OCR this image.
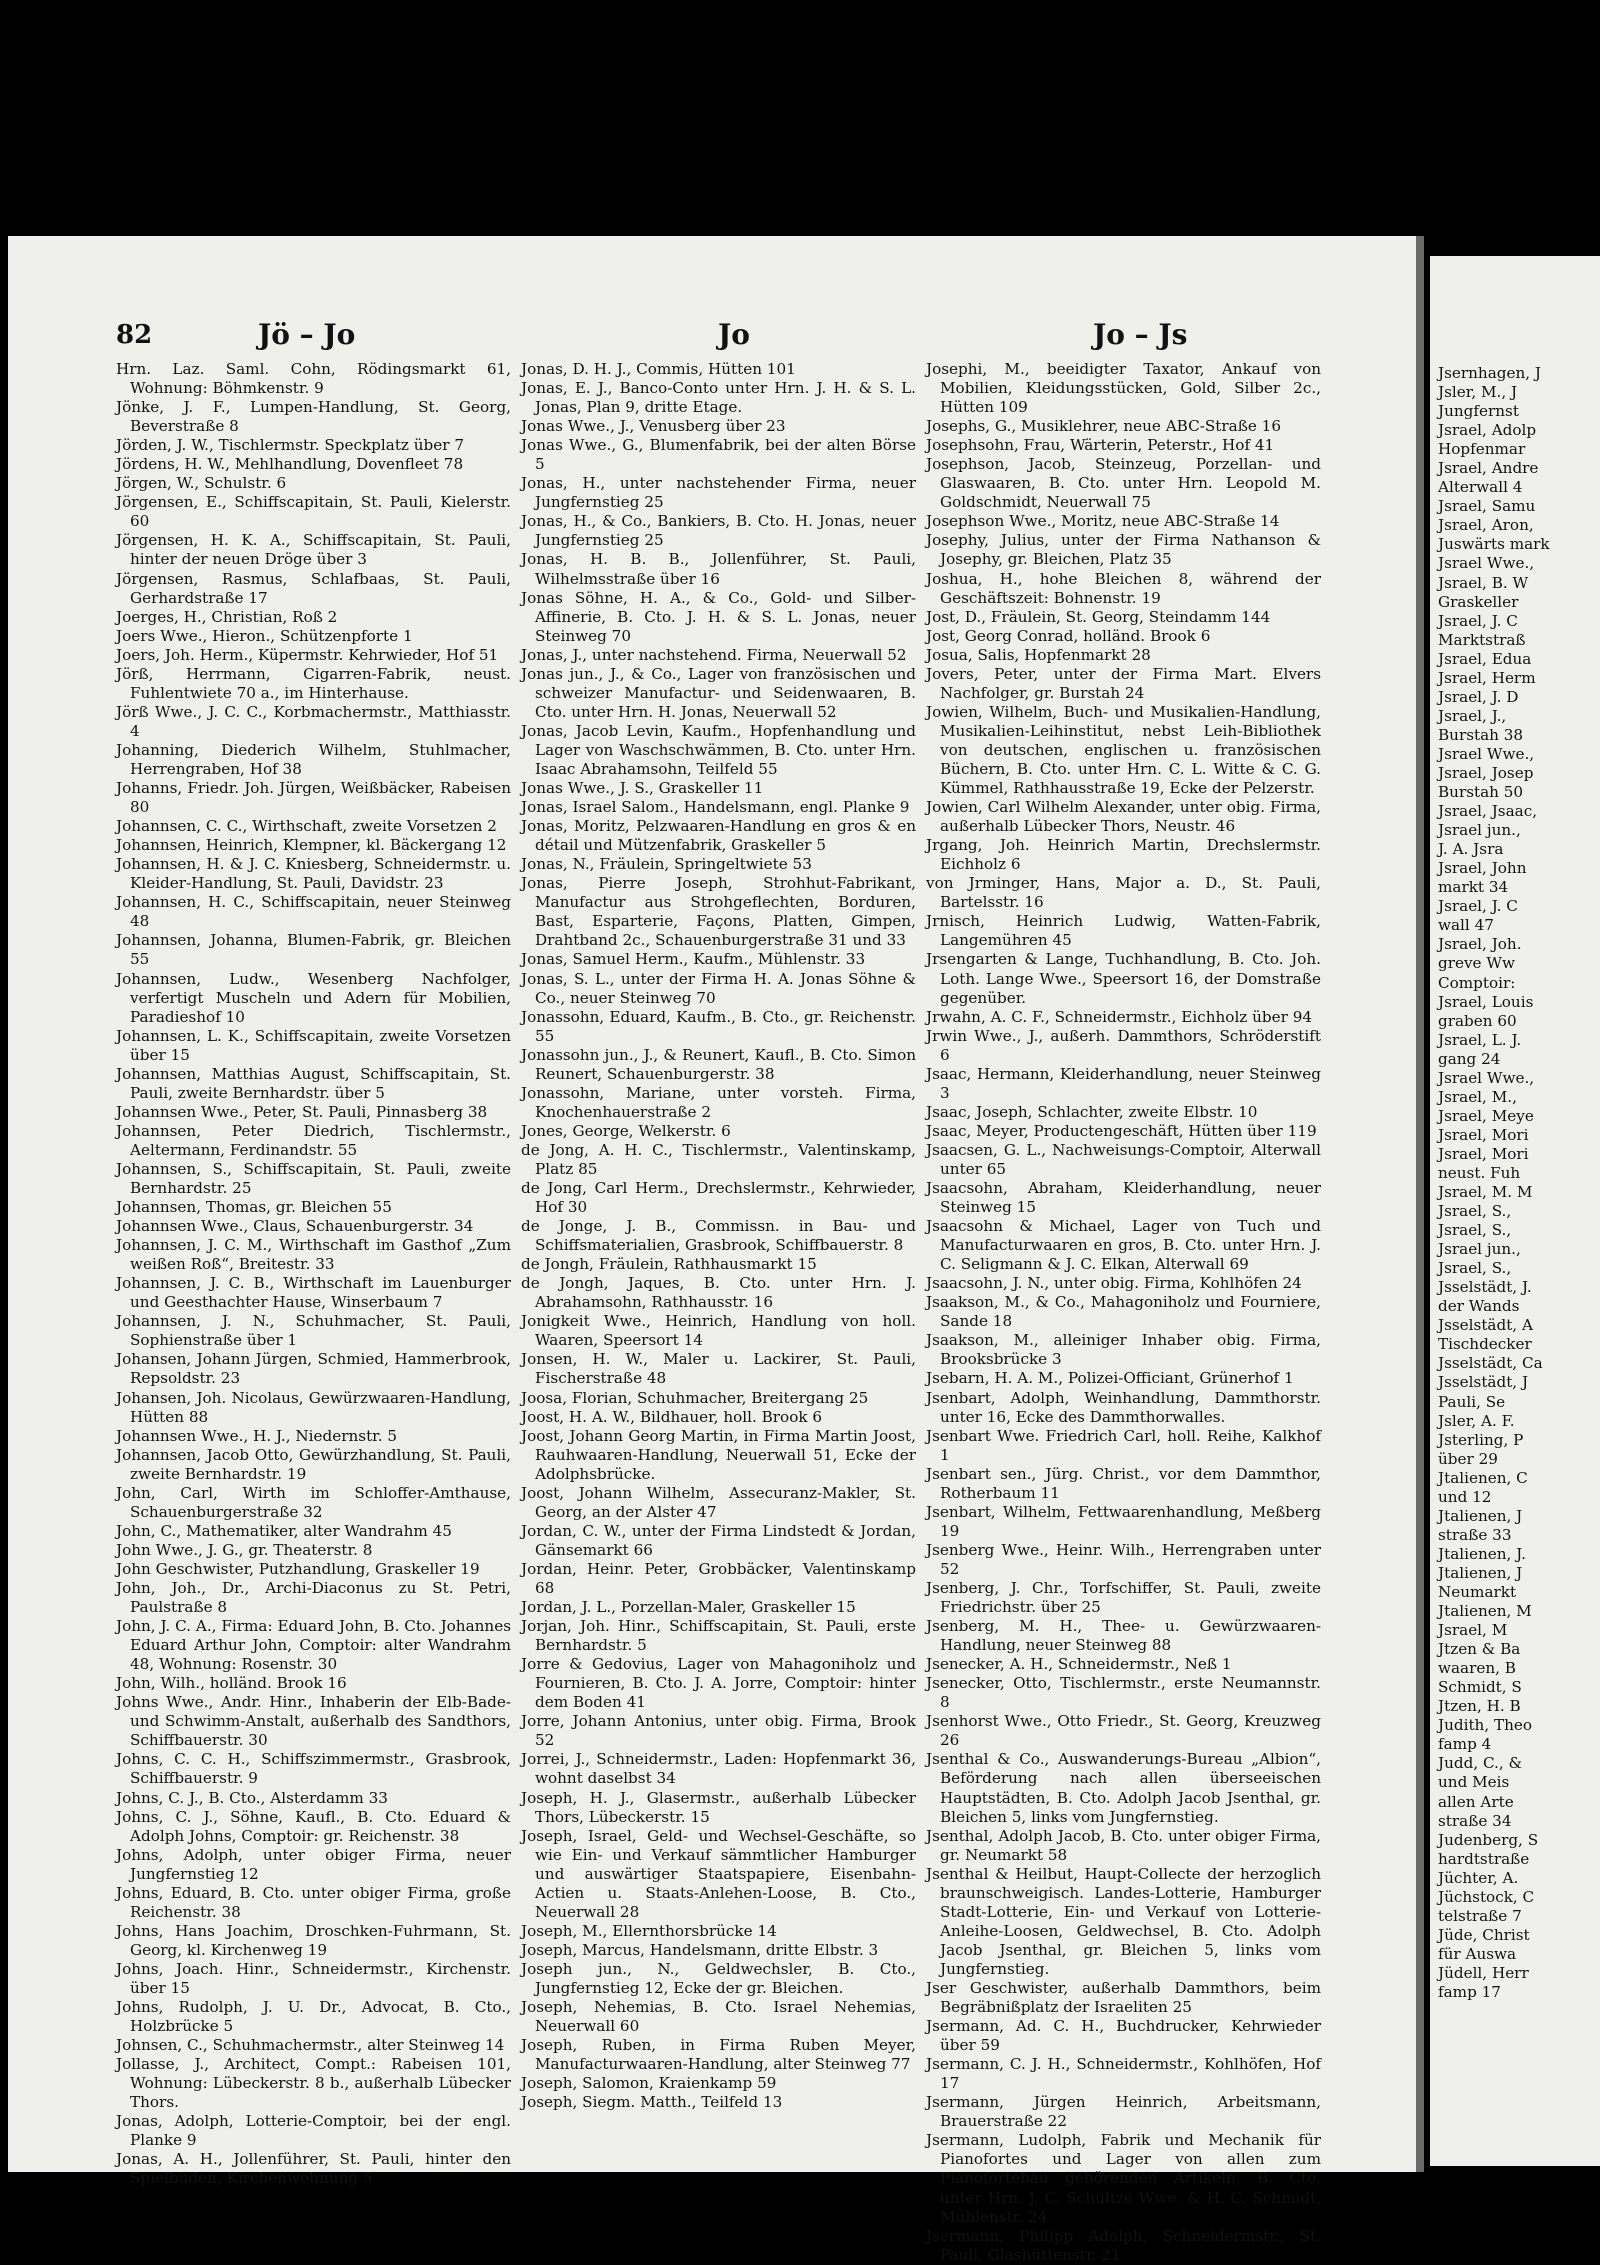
82	Jö – Jo	Jo	Jo – Js

Hrn. Laz. Saml. Cohn, Rödingsmarkt 61, Wohnung: Böhmkenstr. 9

Jönke, J. F., Lumpen-Handlung, St. Georg, Beverstraße 8

Jörden, J. W., Tischlermstr. Speckplatz über 7

Jördens, H. W., Mehlhandlung, Dovenfleet 78

Jörgen, W., Schulstr. 6

Jörgensen, E., Schiffscapitain, St. Pauli, Kielerstr. 60

Jörgensen, H. K. A., Schiffscapitain, St. Pauli, hinter der neuen Dröge über 3

Jörgensen, Rasmus, Schlafbaas, St. Pauli, Gerhardstraße 17

Joerges, H., Christian, Roß 2

Joers Wwe., Hieron., Schützenpforte 1

Joers, Joh. Herm., Küpermstr. Kehrwieder, Hof 51

Jörß, Herrmann, Cigarren-Fabrik, neust. Fuhlentwiete 70 a., im Hinterhause.

Jörß Wwe., J. C. C., Korbmachermstr., Matthiasstr. 4

Johanning, Diederich Wilhelm, Stuhlmacher, Herrengraben, Hof 38

Johanns, Friedr. Joh. Jürgen, Weißbäcker, Rabeisen 80

Johannsen, C. C., Wirthschaft, zweite Vorsetzen 2

Johannsen, Heinrich, Klempner, kl. Bäckergang 12

Johannsen, H. & J. C. Kniesberg, Schneidermstr. u. Kleider-Handlung, St. Pauli, Davidstr. 23

Johannsen, H. C., Schiffscapitain, neuer Steinweg 48

Johannsen, Johanna, Blumen-Fabrik, gr. Bleichen 55

Johannsen, Ludw., Wesenberg Nachfolger, verfertigt Muscheln und Adern für Mobilien, Paradieshof 10

Johannsen, L. K., Schiffscapitain, zweite Vorsetzen über 15

Johannsen, Matthias August, Schiffscapitain, St. Pauli, zweite Bernhardstr. über 5

Johannsen Wwe., Peter, St. Pauli, Pinnasberg 38

Johannsen, Peter Diedrich, Tischlermstr., Aeltermann, Ferdinandstr. 55

Johannsen, S., Schiffscapitain, St. Pauli, zweite Bernhardstr. 25

Johannsen, Thomas, gr. Bleichen 55

Johannsen Wwe., Claus, Schauenburgerstr. 34

Johannsen, J. C. M., Wirthschaft im Gasthof „Zum weißen Roß“, Breitestr. 33

Johannsen, J. C. B., Wirthschaft im Lauenburger und Geesthachter Hause, Winserbaum 7

Johannsen, J. N., Schuhmacher, St. Pauli, Sophienstraße über 1

Johansen, Johann Jürgen, Schmied, Hammerbrook, Repsoldstr. 23

Johansen, Joh. Nicolaus, Gewürzwaaren-Handlung, Hütten 88

Johannsen Wwe., H. J., Niedernstr. 5

Johannsen, Jacob Otto, Gewürzhandlung, St. Pauli, zweite Bernhardstr. 19

John, Carl, Wirth im Schloffer-Amthause, Schauenburgerstraße 32

John, C., Mathematiker, alter Wandrahm 45

John Wwe., J. G., gr. Theaterstr. 8

John Geschwister, Putzhandlung, Graskeller 19

John, Joh., Dr., Archi-Diaconus zu St. Petri, Paulstraße 8

John, J. C. A., Firma: Eduard John, B. Cto. Johannes Eduard Arthur John, Comptoir: alter Wandrahm 48, Wohnung: Rosenstr. 30

John, Wilh., holländ. Brook 16

Johns Wwe., Andr. Hinr., Inhaberin der Elb-Bade- und Schwimm-Anstalt, außerhalb des Sandthors, Schiffbauerstr. 30

Johns, C. C. H., Schiffszimmermstr., Grasbrook, Schiffbauerstr. 9

Johns, C. J., B. Cto., Alsterdamm 33

Johns, C. J., Söhne, Kaufl., B. Cto. Eduard & Adolph Johns, Comptoir: gr. Reichenstr. 38

Johns, Adolph, unter obiger Firma, neuer Jungfernstieg 12

Johns, Eduard, B. Cto. unter obiger Firma, große Reichenstr. 38

Johns, Hans Joachim, Droschken-Fuhrmann, St. Georg, kl. Kirchenweg 19

Johns, Joach. Hinr., Schneidermstr., Kirchenstr. über 15

Johns, Rudolph, J. U. Dr., Advocat, B. Cto., Holzbrücke 5

Johnsen, C., Schuhmachermstr., alter Steinweg 14

Jollasse, J., Architect, Compt.: Rabeisen 101, Wohnung: Lübeckerstr. 8 b., außerhalb Lübecker Thors.

Jonas, Adolph, Lotterie-Comptoir, bei der engl. Planke 9

Jonas, A. H., Jollenführer, St. Pauli, hinter den Spielbuden, Kirchenwohnung 5

Jonas, D. H. J., Commis, Hütten 101

Jonas, E. J., Banco-Conto unter Hrn. J. H. & S. L. Jonas, Plan 9, dritte Etage.

Jonas Wwe., J., Venusberg über 23

Jonas Wwe., G., Blumenfabrik, bei der alten Börse 5

Jonas, H., unter nachstehender Firma, neuer Jungfernstieg 25

Jonas, H., & Co., Bankiers, B. Cto. H. Jonas, neuer Jungfernstieg 25

Jonas, H. B. B., Jollenführer, St. Pauli, Wilhelmsstraße über 16

Jonas Söhne, H. A., & Co., Gold- und Silber-Affinerie, B. Cto. J. H. & S. L. Jonas, neuer Steinweg 70

Jonas, J., unter nachstehend. Firma, Neuerwall 52

Jonas jun., J., & Co., Lager von französischen und schweizer Manufactur- und Seidenwaaren, B. Cto. unter Hrn. H. Jonas, Neuerwall 52

Jonas, Jacob Levin, Kaufm., Hopfenhandlung und Lager von Waschschwämmen, B. Cto. unter Hrn. Isaac Abrahamsohn, Teilfeld 55

Jonas Wwe., J. S., Graskeller 11

Jonas, Israel Salom., Handelsmann, engl. Planke 9

Jonas, Moritz, Pelzwaaren-Handlung en gros & en détail und Mützenfabrik, Graskeller 5

Jonas, N., Fräulein, Springeltwiete 53

Jonas, Pierre Joseph, Strohhut-Fabrikant, Manufactur aus Strohgeflechten, Borduren, Bast, Esparterie, Façons, Platten, Gimpen, Drahtband 2c., Schauenburgerstraße 31 und 33

Jonas, Samuel Herm., Kaufm., Mühlenstr. 33

Jonas, S. L., unter der Firma H. A. Jonas Söhne & Co., neuer Steinweg 70

Jonassohn, Eduard, Kaufm., B. Cto., gr. Reichenstr. 55

Jonassohn jun., J., & Reunert, Kaufl., B. Cto. Simon Reunert, Schauenburgerstr. 38

Jonassohn, Mariane, unter vorsteh. Firma, Knochenhauerstraße 2

Jones, George, Welkerstr. 6

de Jong, A. H. C., Tischlermstr., Valentinskamp, Platz 85

de Jong, Carl Herm., Drechslermstr., Kehrwieder, Hof 30

de Jonge, J. B., Commissn. in Bau- und Schiffsmaterialien, Grasbrook, Schiffbauerstr. 8

de Jongh, Fräulein, Rathhausmarkt 15

de Jongh, Jaques, B. Cto. unter Hrn. J. Abrahamsohn, Rathhausstr. 16

Jonigkeit Wwe., Heinrich, Handlung von holl. Waaren, Speersort 14

Jonsen, H. W., Maler u. Lackirer, St. Pauli, Fischerstraße 48

Joosa, Florian, Schuhmacher, Breitergang 25

Joost, H. A. W., Bildhauer, holl. Brook 6

Joost, Johann Georg Martin, in Firma Martin Joost, Rauhwaaren-Handlung, Neuerwall 51, Ecke der Adolphsbrücke.

Joost, Johann Wilhelm, Assecuranz-Makler, St. Georg, an der Alster 47

Jordan, C. W., unter der Firma Lindstedt & Jordan, Gänsemarkt 66

Jordan, Heinr. Peter, Grobbäcker, Valentinskamp 68

Jordan, J. L., Porzellan-Maler, Graskeller 15

Jorjan, Joh. Hinr., Schiffscapitain, St. Pauli, erste Bernhardstr. 5

Jorre & Gedovius, Lager von Mahagoniholz und Fournieren, B. Cto. J. A. Jorre, Comptoir: hinter dem Boden 41

Jorre, Johann Antonius, unter obig. Firma, Brook 52

Jorrei, J., Schneidermstr., Laden: Hopfenmarkt 36, wohnt daselbst 34

Joseph, H. J., Glasermstr., außerhalb Lübecker Thors, Lübeckerstr. 15

Joseph, Israel, Geld- und Wechsel-Geschäfte, so wie Ein- und Verkauf sämmtlicher Hamburger und auswärtiger Staatspapiere, Eisenbahn-Actien u. Staats-Anlehen-Loose, B. Cto., Neuerwall 28

Joseph, M., Ellernthorsbrücke 14

Joseph, Marcus, Handelsmann, dritte Elbstr. 3

Joseph jun., N., Geldwechsler, B. Cto., Jungfernstieg 12, Ecke der gr. Bleichen.

Joseph, Nehemias, B. Cto. Israel Nehemias, Neuerwall 60

Joseph, Ruben, in Firma Ruben Meyer, Manufacturwaaren-Handlung, alter Steinweg 77

Joseph, Salomon, Kraienkamp 59

Joseph, Siegm. Matth., Teilfeld 13

Josephi, M., beeidigter Taxator, Ankauf von Mobilien, Kleidungsstücken, Gold, Silber 2c., Hütten 109

Josephs, G., Musiklehrer, neue ABC-Straße 16

Josephsohn, Frau, Wärterin, Peterstr., Hof 41

Josephson, Jacob, Steinzeug, Porzellan- und Glaswaaren, B. Cto. unter Hrn. Leopold M. Goldschmidt, Neuerwall 75

Josephson Wwe., Moritz, neue ABC-Straße 14

Josephy, Julius, unter der Firma Nathanson & Josephy, gr. Bleichen, Platz 35

Joshua, H., hohe Bleichen 8, während der Geschäftszeit: Bohnenstr. 19

Jost, D., Fräulein, St. Georg, Steindamm 144

Jost, Georg Conrad, holländ. Brook 6

Josua, Salis, Hopfenmarkt 28

Jovers, Peter, unter der Firma Mart. Elvers Nachfolger, gr. Burstah 24

Jowien, Wilhelm, Buch- und Musikalien-Handlung, Musikalien-Leihinstitut, nebst Leih-Bibliothek von deutschen, englischen u. französischen Büchern, B. Cto. unter Hrn. C. L. Witte & C. G. Kümmel, Rathhausstraße 19, Ecke der Pelzerstr.

Jowien, Carl Wilhelm Alexander, unter obig. Firma, außerhalb Lübecker Thors, Neustr. 46

Jrgang, Joh. Heinrich Martin, Drechslermstr. Eichholz 6

von Jrminger, Hans, Major a. D., St. Pauli, Bartelsstr. 16

Jrnisch, Heinrich Ludwig, Watten-Fabrik, Langemühren 45

Jrsengarten & Lange, Tuchhandlung, B. Cto. Joh. Loth. Lange Wwe., Speersort 16, der Domstraße gegenüber.

Jrwahn, A. C. F., Schneidermstr., Eichholz über 94

Jrwin Wwe., J., außerh. Dammthors, Schröderstift 6

Jsaac, Hermann, Kleiderhandlung, neuer Steinweg 3

Jsaac, Joseph, Schlachter, zweite Elbstr. 10

Jsaac, Meyer, Productengeschäft, Hütten über 119

Jsaacsen, G. L., Nachweisungs-Comptoir, Alterwall unter 65

Jsaacsohn, Abraham, Kleiderhandlung, neuer Steinweg 15

Jsaacsohn & Michael, Lager von Tuch und Manufacturwaaren en gros, B. Cto. unter Hrn. J. C. Seligmann & J. C. Elkan, Alterwall 69

Jsaacsohn, J. N., unter obig. Firma, Kohlhöfen 24

Jsaakson, M., & Co., Mahagoniholz und Fourniere, Sande 18

Jsaakson, M., alleiniger Inhaber obig. Firma, Brooksbrücke 3

Jsebarn, H. A. M., Polizei-Officiant, Grünerhof 1

Jsenbart, Adolph, Weinhandlung, Dammthorstr. unter 16, Ecke des Dammthorwalles.

Jsenbart Wwe. Friedrich Carl, holl. Reihe, Kalkhof 1

Jsenbart sen., Jürg. Christ., vor dem Dammthor, Rotherbaum 11

Jsenbart, Wilhelm, Fettwaarenhandlung, Meßberg 19

Jsenberg Wwe., Heinr. Wilh., Herrengraben unter 52

Jsenberg, J. Chr., Torfschiffer, St. Pauli, zweite Friedrichstr. über 25

Jsenberg, M. H., Thee- u. Gewürzwaaren-Handlung, neuer Steinweg 88

Jsenecker, A. H., Schneidermstr., Neß 1

Jsenecker, Otto, Tischlermstr., erste Neumannstr. 8

Jsenhorst Wwe., Otto Friedr., St. Georg, Kreuzweg 26

Jsenthal & Co., Auswanderungs-Bureau „Albion“, Beförderung nach allen überseeischen Hauptstädten, B. Cto. Adolph Jacob Jsenthal, gr. Bleichen 5, links vom Jungfernstieg.

Jsenthal, Adolph Jacob, B. Cto. unter obiger Firma, gr. Neumarkt 58

Jsenthal & Heilbut, Haupt-Collecte der herzoglich braunschweigisch. Landes-Lotterie, Hamburger Stadt-Lotterie, Ein- und Verkauf von Lotterie-Anleihe-Loosen, Geldwechsel, B. Cto. Adolph Jacob Jsenthal, gr. Bleichen 5, links vom Jungfernstieg.

Jser Geschwister, außerhalb Dammthors, beim Begräbnißplatz der Israeliten 25

Jsermann, Ad. C. H., Buchdrucker, Kehrwieder über 59

Jsermann, C. J. H., Schneidermstr., Kohlhöfen, Hof 17

Jsermann, Jürgen Heinrich, Arbeitsmann, Brauerstraße 22

Jsermann, Ludolph, Fabrik und Mechanik für Pianofortes und Lager von allen zum Pianofortebau gehörenden Artikeln, B. Cto. unter Hrn. J. C. Schultze Wwe. & H. C. Schmidt, Mühlenstr. 24

Jsermann, Philipp Adolph, Schneidermstr., St. Pauli, Glashüttenstr. 21

Jsernhagen, J
Jsler, M., J
Jungfernst
Jsrael, Adolp
Hopfenmar
Jsrael, Andre
Alterwall 4
Jsrael, Samu
Jsrael, Aron,
Juswärts mark
Jsrael Wwe.,
Jsrael, B. W
Graskeller
Jsrael, J. C
Marktstraß
Jsrael, Edua
Jsrael, Herm
Jsrael, J. D
Jsrael, J.,
Burstah 38
Jsrael Wwe.,
Jsrael, Josep
Burstah 50
Jsrael, Jsaac,
Jsrael jun.,
J. A. Jsra
Jsrael, John
markt 34
Jsrael, J. C
wall 47
Jsrael, Joh.
greve Ww
Comptoir:
Jsrael, Louis
graben 60
Jsrael, L. J.
gang 24
Jsrael Wwe.,
Jsrael, M.,
Jsrael, Meye
Jsrael, Mori
Jsrael, Mori
neust. Fuh
Jsrael, M. M
Jsrael, S.,
Jsrael, S.,
Jsrael jun.,
Jsrael, S.,
Jsselstädt, J.
der Wands
Jsselstädt, A
Tischdecker
Jsselstädt, Ca
Jsselstädt, J
Pauli, Se
Jsler, A. F.
Jsterling, P
über 29
Jtalienen, C
und 12
Jtalienen, J
straße 33
Jtalienen, J.
Jtalienen, J
Neumarkt
Jtalienen, M
Jsrael, M
Jtzen & Ba
waaren, B
Schmidt, S
Jtzen, H. B
Judith, Theo
famp 4
Judd, C., &
und Meis
allen Arte
straße 34
Judenberg, S
hardtstraße
Jüchter, A.
Jüchstock, C
telstraße 7
Jüde, Christ
für Auswa
Jüdell, Herr
famp 17
